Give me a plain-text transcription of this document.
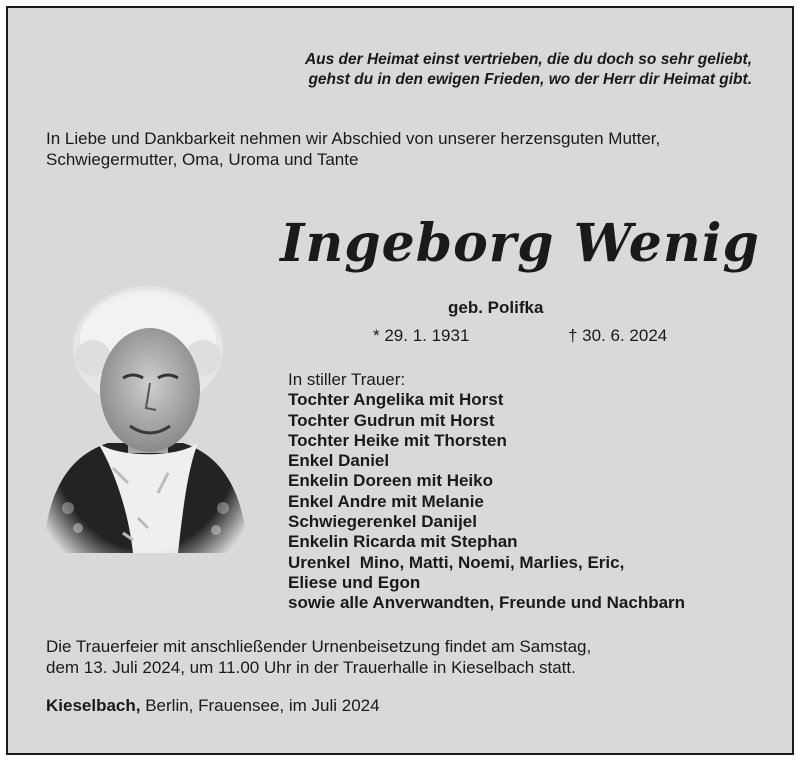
Aus der Heimat einst vertrieben, die du doch so sehr geliebt,
gehst du in den ewigen Frieden, wo der Herr dir Heimat gibt.
In Liebe und Dankbarkeit nehmen wir Abschied von unserer herzensguten Mutter,
Schwiegermutter, Oma, Uroma und Tante
Ingeborg Wenig
geb. Polifka
* 29. 1. 1931	† 30. 6. 2024
In stiller Trauer:
Tochter Angelika mit Horst
Tochter Gudrun mit Horst
Tochter Heike mit Thorsten
Enkel Daniel
Enkelin Doreen mit Heiko
Enkel Andre mit Melanie
Schwiegerenkel Danijel
Enkelin Ricarda mit Stephan
Urenkel  Mino, Matti, Noemi, Marlies, Eric,
Eliese und Egon
sowie alle Anverwandten, Freunde und Nachbarn
Die Trauerfeier mit anschließender Urnenbeisetzung findet am Samstag,
dem 13. Juli 2024, um 11.00 Uhr in der Trauerhalle in Kieselbach statt.
Kieselbach, Berlin, Frauensee, im Juli 2024
